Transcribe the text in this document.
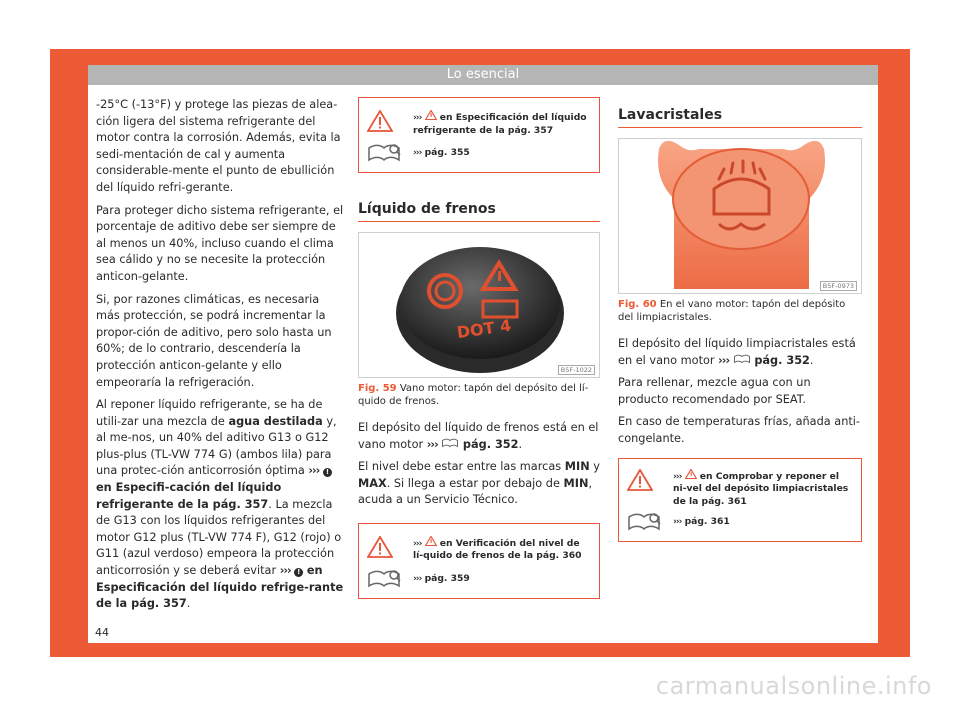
Lo esencial

-25°C (-13°F) y protege las piezas de alea-ción ligera del sistema refrigerante del motor contra la corrosión. Además, evita la sedi-mentación de cal y aumenta considerable-mente el punto de ebullición del líquido refri-gerante.

Para proteger dicho sistema refrigerante, el porcentaje de aditivo debe ser siempre de al menos un 40%, incluso cuando el clima sea cálido y no se necesite la protección anticon-gelante.

Si, por razones climáticas, es necesaria más protección, se podrá incrementar la propor-ción de aditivo, pero solo hasta un 60%; de lo contrario, descendería la protección anticon-gelante y ello empeoraría la refrigeración.

Al reponer líquido refrigerante, se ha de utili-zar una mezcla de agua destilada y, al me-nos, un 40% del aditivo G13 o G12 plus-plus (TL-VW 774 G) (ambos lila) para una protec-ción anticorrosión óptima ››› ! en Especifi-cación del líquido refrigerante de la pág. 357. La mezcla de G13 con los líquidos refrigerantes del motor G12 plus (TL-VW 774 F), G12 (rojo) o G11 (azul verdoso) empeora la protección anticorrosión y se deberá evitar ››› ! en Especificación del líquido refrige-rante de la pág. 357.

››› en Especificación del líquido refrigerante de la pág. 357
››› pág. 355
Líquido de frenos
DOT 4
B5F-1022
Fig. 59 Vano motor: tapón del depósito del lí-quido de frenos.

El depósito del líquido de frenos está en el vano motor ››› pág. 352.

El nivel debe estar entre las marcas MIN y MAX. Si llega a estar por debajo de MIN, acuda a un Servicio Técnico.

››› en Verificación del nivel de lí-quido de frenos de la pág. 360
››› pág. 359
Lavacristales
B5F-0973
Fig. 60 En el vano motor: tapón del depósito del limpiacristales.

El depósito del líquido limpiacristales está en el vano motor ››› pág. 352.

Para rellenar, mezcle agua con un producto recomendado por SEAT.

En caso de temperaturas frías, añada anti-congelante.

››› en Comprobar y reponer el ni-vel del depósito limpiacristales de la pág. 361
››› pág. 361
44
carmanualsonline.info
